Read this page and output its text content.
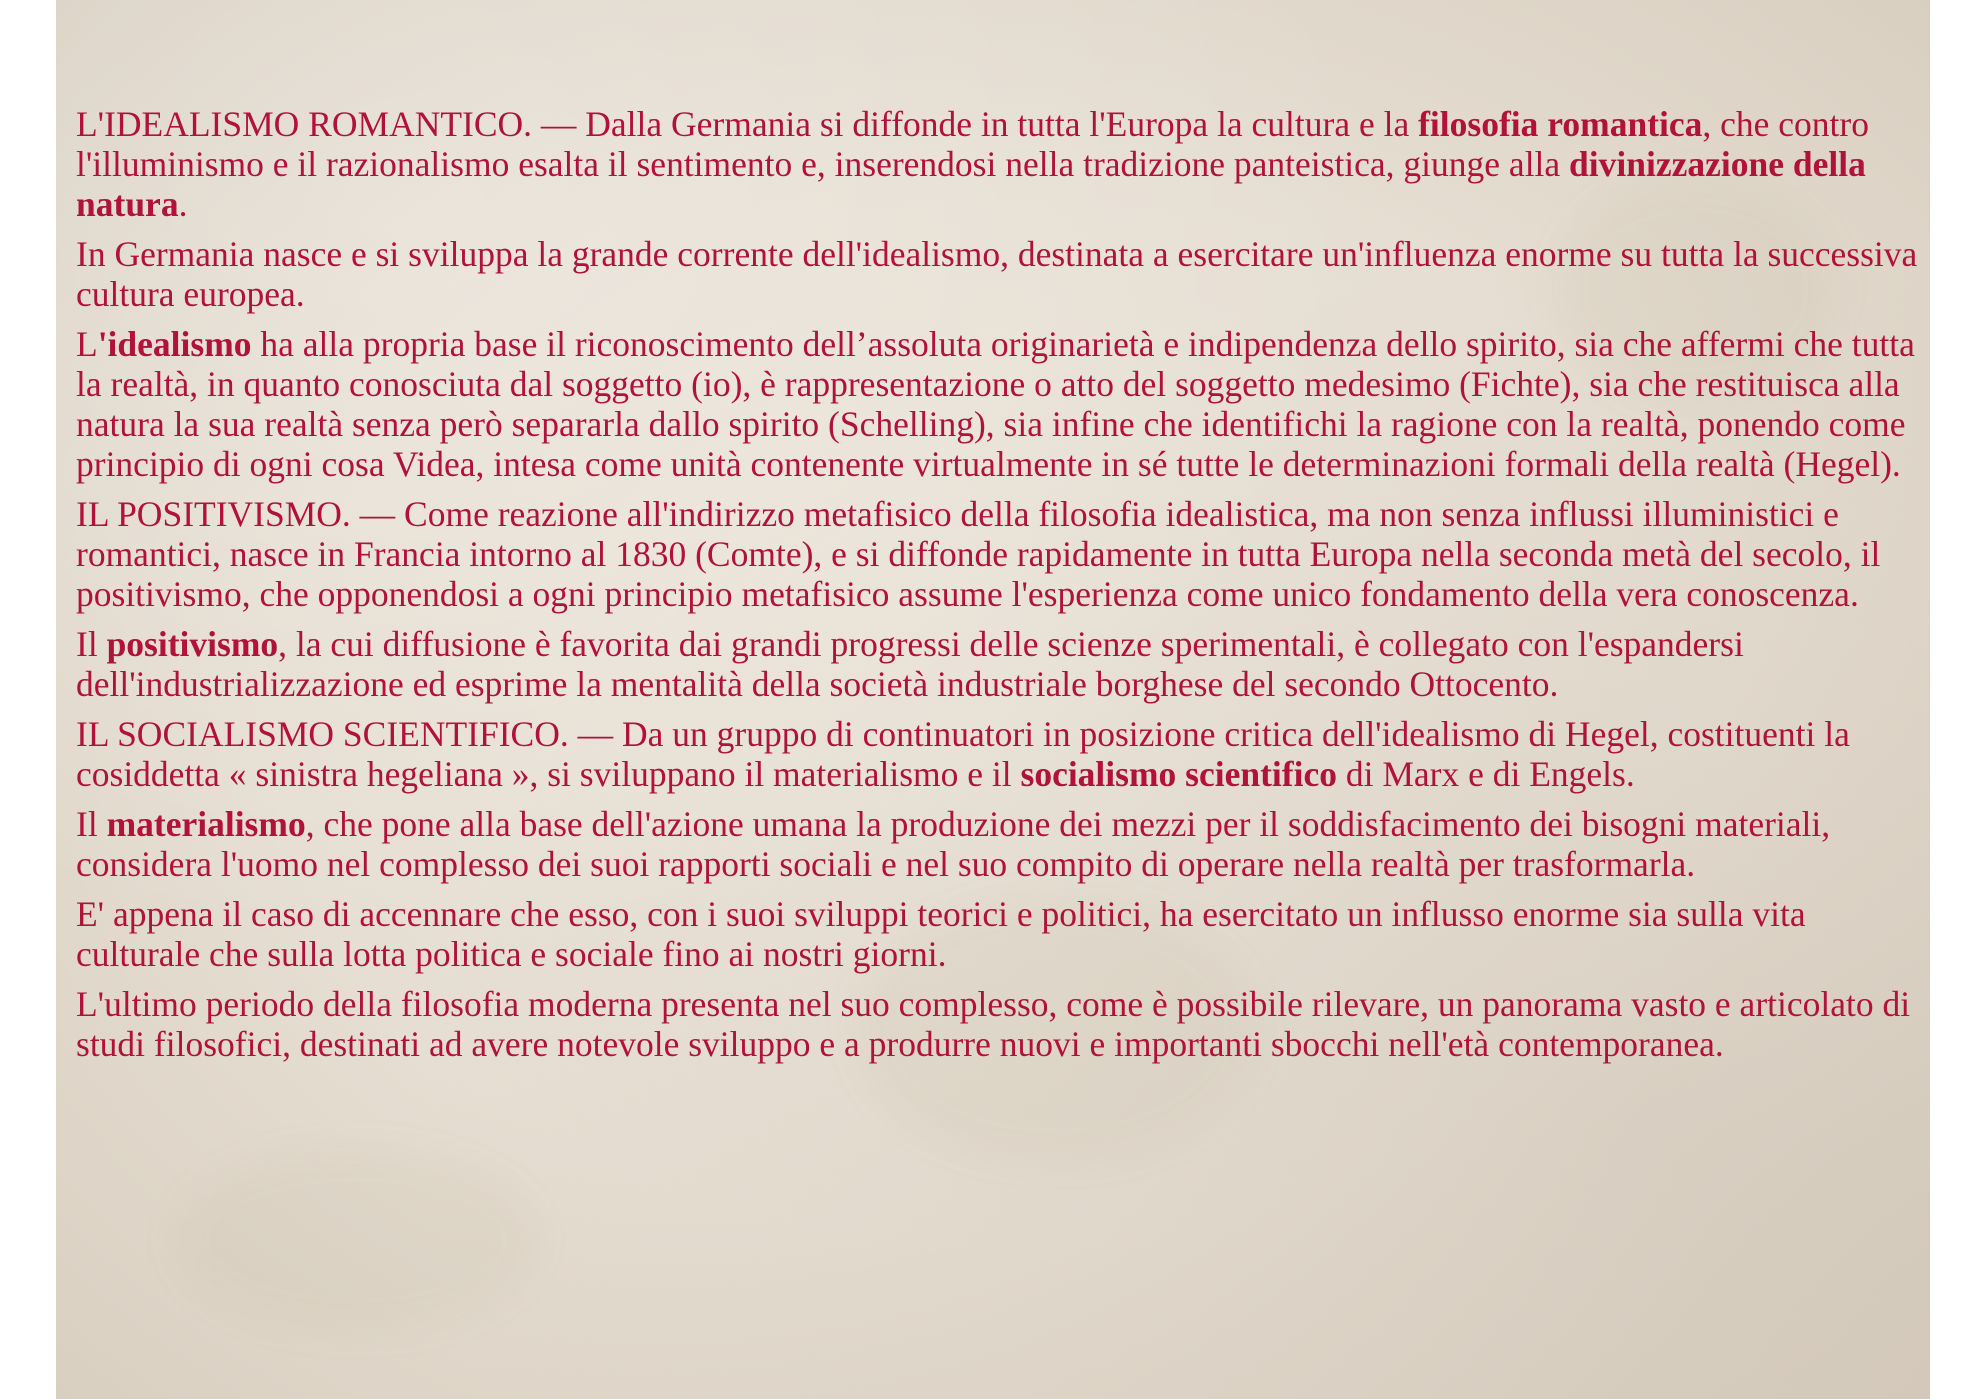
L'IDEALISMO ROMANTICO. — Dalla Germania si diffonde in tutta l'Europa la cultura e la filosofia romantica, che contro l'illuminismo e il razionalismo esalta il sentimento e, inserendosi nella tradizione panteistica, giunge alla divinizzazione della natura.

In Germania nasce e si sviluppa la grande corrente dell'idealismo, destinata a esercitare un'influenza enorme su tutta la successiva cultura europea.

L'idealismo ha alla propria base il riconoscimento dell’assoluta originarietà e indipendenza dello spirito, sia che affermi che tutta la realtà, in quanto conosciuta dal soggetto (io), è rappresentazione o atto del soggetto medesimo (Fichte), sia che restituisca alla natura la sua realtà senza però separarla dallo spirito (Schelling), sia infine che identifichi la ragione con la realtà, ponendo come principio di ogni cosa Videa, intesa come unità contenente virtualmente in sé tutte le determinazioni formali della realtà (Hegel).

IL POSITIVISMO. — Come reazione all'indirizzo metafisico della filosofia idealistica, ma non senza influssi illuministici e romantici, nasce in Francia intorno al 1830 (Comte), e si diffonde rapidamente in tutta Europa nella seconda metà del secolo, il positivismo, che opponendosi a ogni principio metafisico assume l'esperienza come unico fondamento della vera conoscenza.

Il positivismo, la cui diffusione è favorita dai grandi progressi delle scienze sperimentali, è collegato con l'espandersi dell'industrializzazione ed esprime la mentalità della società industriale borghese del secondo Ottocento.

IL SOCIALISMO SCIENTIFICO. — Da un gruppo di continuatori in posizione critica dell'idealismo di Hegel, costituenti la cosiddetta « sinistra hegeliana », si sviluppano il materialismo e il socialismo scientifico di Marx e di Engels.

Il materialismo, che pone alla base dell'azione umana la produzione dei mezzi per il soddisfacimento dei bisogni materiali, considera l'uomo nel complesso dei suoi rapporti sociali e nel suo compito di operare nella realtà per trasformarla.

E' appena il caso di accennare che esso, con i suoi sviluppi teorici e politici, ha esercitato un influsso enorme sia sulla vita culturale che sulla lotta politica e sociale fino ai nostri giorni.

L'ultimo periodo della filosofia moderna presenta nel suo complesso, come è possibile rilevare, un panorama vasto e articolato di studi filosofici, destinati ad avere notevole sviluppo e a produrre nuovi e importanti sbocchi nell'età contemporanea.
